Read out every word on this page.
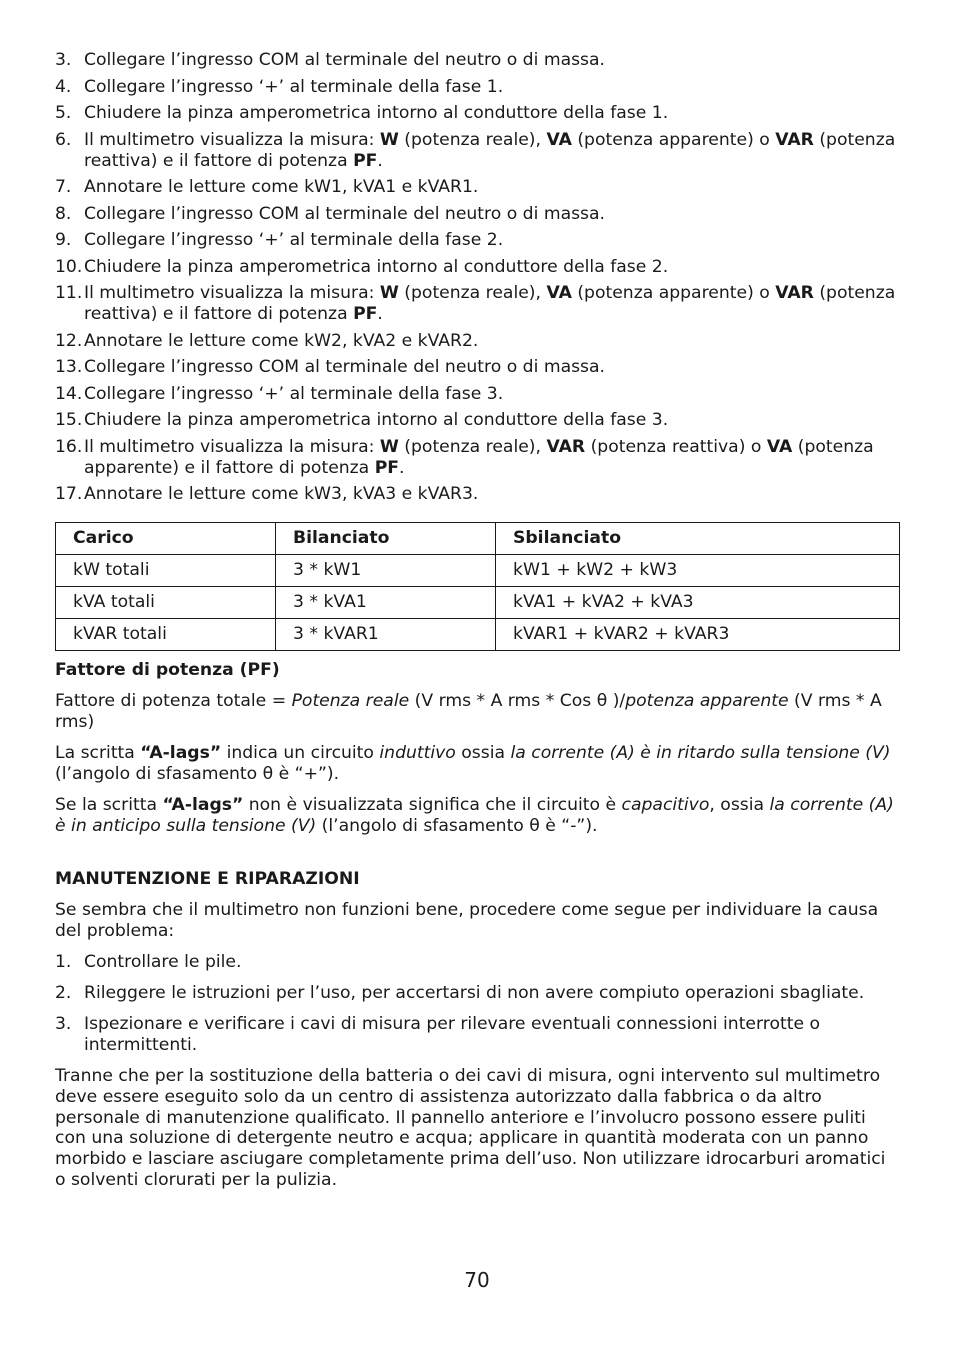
3. Collegare l’ingresso COM al terminale del neutro o di massa.
4. Collegare l’ingresso ‘+’ al terminale della fase 1.
5. Chiudere la pinza amperometrica intorno al conduttore della fase 1.
6. Il multimetro visualizza la misura: W (potenza reale), VA (potenza apparente) o VAR (potenza reattiva) e il fattore di potenza PF.
7. Annotare le letture come kW1, kVA1 e kVAR1.
8. Collegare l’ingresso COM al terminale del neutro o di massa.
9. Collegare l’ingresso ‘+’ al terminale della fase 2.
10. Chiudere la pinza amperometrica intorno al conduttore della fase 2.
11. Il multimetro visualizza la misura: W (potenza reale), VA (potenza apparente) o VAR (potenza reattiva) e il fattore di potenza PF.
12. Annotare le letture come kW2, kVA2 e kVAR2.
13. Collegare l’ingresso COM al terminale del neutro o di massa.
14. Collegare l’ingresso ‘+’ al terminale della fase 3.
15. Chiudere la pinza amperometrica intorno al conduttore della fase 3.
16. Il multimetro visualizza la misura: W (potenza reale), VAR (potenza reattiva) o VA (potenza apparente) e il fattore di potenza PF.
17. Annotare le letture come kW3, kVA3 e kVAR3.
Carico	Bilanciato	Sbilanciato
kW totali	3 * kW1	kW1 + kW2 + kW3
kVA totali	3 * kVA1	kVA1 + kVA2 + kVA3
kVAR totali	3 * kVAR1	kVAR1 + kVAR2 + kVAR3
Fattore di potenza (PF)

Fattore di potenza totale = Potenza reale (V rms * A rms * Cos θ )/potenza apparente (V rms * A rms)

La scritta “A-lags” indica un circuito induttivo ossia la corrente (A) è in ritardo sulla tensione (V) (l’angolo di sfasamento θ è “+”).

Se la scritta “A-lags” non è visualizzata significa che il circuito è capacitivo, ossia la corrente (A) è in anticipo sulla tensione (V) (l’angolo di sfasamento θ è “-”).

MANUTENZIONE E RIPARAZIONI

Se sembra che il multimetro non funzioni bene, procedere come segue per individuare la causa del problema:

1. Controllare le pile.
2. Rileggere le istruzioni per l’uso, per accertarsi di non avere compiuto operazioni sbagliate.
3. Ispezionare e verificare i cavi di misura per rilevare eventuali connessioni interrotte o intermittenti.

Tranne che per la sostituzione della batteria o dei cavi di misura, ogni intervento sul multimetro deve essere eseguito solo da un centro di assistenza autorizzato dalla fabbrica o da altro personale di manutenzione qualificato. Il pannello anteriore e l’involucro possono essere puliti con una soluzione di detergente neutro e acqua; applicare in quantità moderata con un panno morbido e lasciare asciugare completamente prima dell’uso. Non utilizzare idrocarburi aromatici o solventi clorurati per la pulizia.

70
